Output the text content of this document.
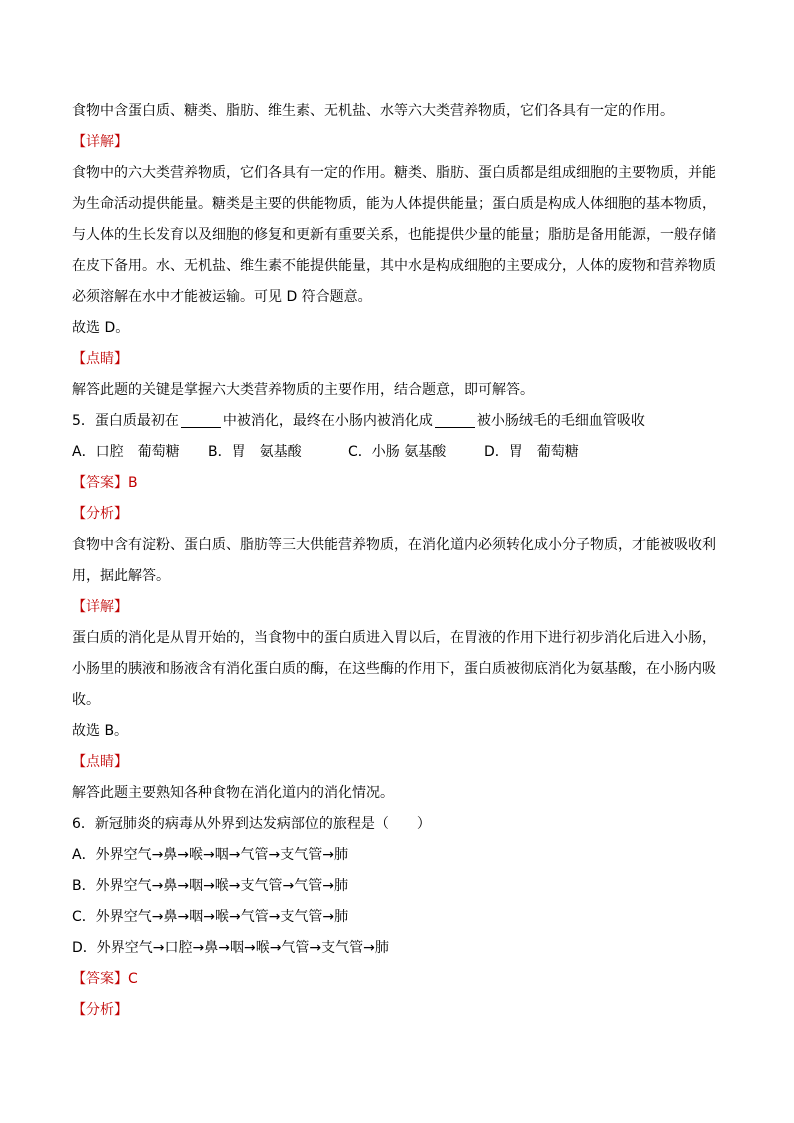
食物中含蛋白质、糖类、脂肪、维生素、无机盐、水等六大类营养物质，它们各具有一定的作用。
【详解】
食物中的六大类营养物质，它们各具有一定的作用。糖类、脂肪、蛋白质都是组成细胞的主要物质，并能
为生命活动提供能量。糖类是主要的供能物质，能为人体提供能量；蛋白质是构成人体细胞的基本物质，
与人体的生长发育以及细胞的修复和更新有重要关系，也能提供少量的能量；脂肪是备用能源，一般存储
在皮下备用。水、无机盐、维生素不能提供能量，其中水是构成细胞的主要成分，人体的废物和营养物质
必须溶解在水中才能被运输。可见 D 符合题意。
故选 D。
【点睛】
解答此题的关键是掌握六大类营养物质的主要作用，结合题意，即可解答。
5．蛋白质最初在	中被消化，最终在小肠内被消化成	被小肠绒毛的毛细血管吸收
A．口腔　葡萄糖 B．胃　氨基酸	C．小肠 氨基酸	D．胃　葡萄糖
【答案】B
【分析】
食物中含有淀粉、蛋白质、脂肪等三大供能营养物质，在消化道内必须转化成小分子物质，才能被吸收利
用，据此解答。
【详解】
蛋白质的消化是从胃开始的，当食物中的蛋白质进入胃以后，在胃液的作用下进行初步消化后进入小肠，
小肠里的胰液和肠液含有消化蛋白质的酶，在这些酶的作用下，蛋白质被彻底消化为氨基酸，在小肠内吸
收。
故选 B。
【点睛】
解答此题主要熟知各种食物在消化道内的消化情况。
6．新冠肺炎的病毒从外界到达发病部位的旅程是（　　）
A．外界空气→鼻→喉→咽→气管→支气管→肺
B．外界空气→鼻→咽→喉→支气管→气管→肺
C．外界空气→鼻→咽→喉→气管→支气管→肺
D．外界空气→口腔→鼻→咽→喉→气管→支气管→肺
【答案】C
【分析】
